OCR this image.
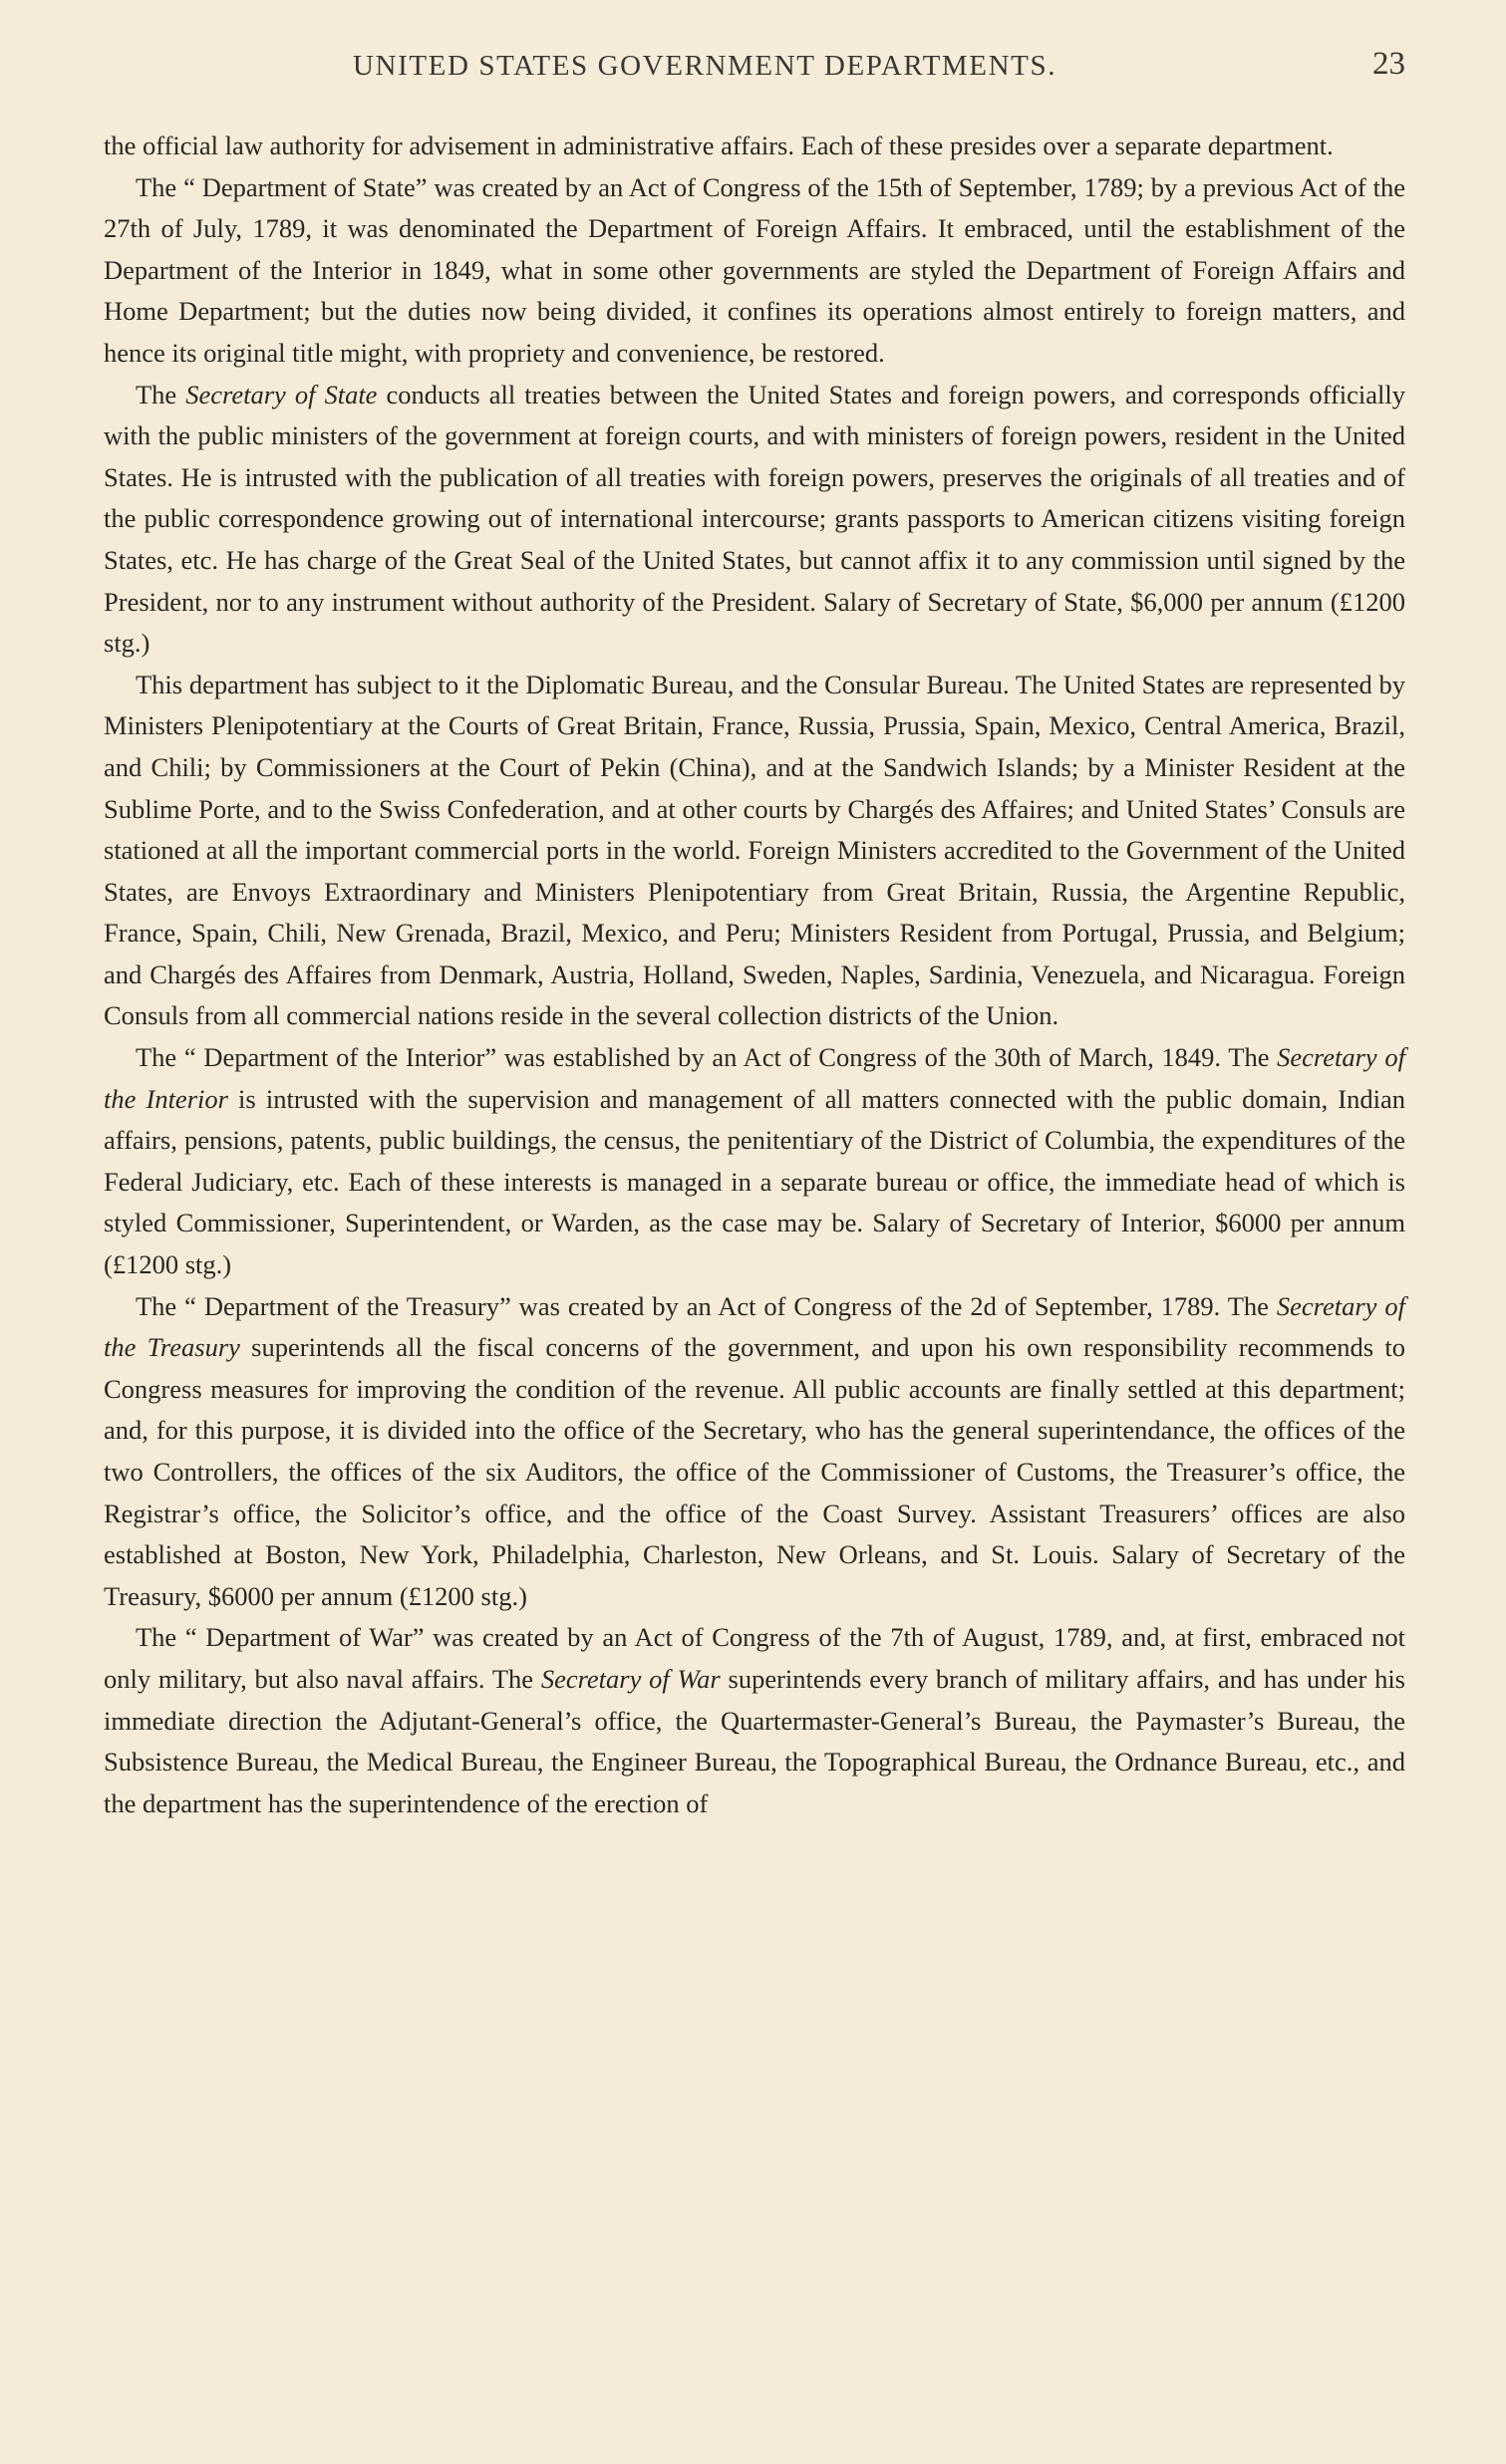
UNITED STATES GOVERNMENT DEPARTMENTS.	23

the official law authority for advisement in administrative affairs. Each of these presides over a separate department.

The “ Department of State” was created by an Act of Congress of the 15th of September, 1789; by a previous Act of the 27th of July, 1789, it was denominated the Department of Foreign Affairs. It embraced, until the establishment of the Department of the Interior in 1849, what in some other governments are styled the Department of Foreign Affairs and Home Department; but the duties now being divided, it confines its operations almost entirely to foreign matters, and hence its original title might, with propriety and convenience, be restored.

The Secretary of State conducts all treaties between the United States and foreign powers, and corresponds officially with the public ministers of the government at foreign courts, and with ministers of foreign powers, resident in the United States. He is intrusted with the publication of all treaties with foreign powers, preserves the originals of all treaties and of the public correspondence growing out of international intercourse; grants passports to American citizens visiting foreign States, etc. He has charge of the Great Seal of the United States, but cannot affix it to any commission until signed by the President, nor to any instrument without authority of the President. Salary of Secretary of State, $6,000 per annum (£1200 stg.)

This department has subject to it the Diplomatic Bureau, and the Consular Bureau. The United States are represented by Ministers Plenipotentiary at the Courts of Great Britain, France, Russia, Prussia, Spain, Mexico, Central America, Brazil, and Chili; by Commissioners at the Court of Pekin (China), and at the Sandwich Islands; by a Minister Resident at the Sublime Porte, and to the Swiss Confederation, and at other courts by Chargés des Affaires; and United States’ Consuls are stationed at all the important commercial ports in the world. Foreign Ministers accredited to the Government of the United States, are Envoys Extraordinary and Ministers Plenipotentiary from Great Britain, Russia, the Argentine Republic, France, Spain, Chili, New Grenada, Brazil, Mexico, and Peru; Ministers Resident from Portugal, Prussia, and Belgium; and Chargés des Affaires from Denmark, Austria, Holland, Sweden, Naples, Sardinia, Venezuela, and Nicaragua. Foreign Consuls from all commercial nations reside in the several collection districts of the Union.

The “ Department of the Interior” was established by an Act of Congress of the 30th of March, 1849. The Secretary of the Interior is intrusted with the supervision and management of all matters connected with the public domain, Indian affairs, pensions, patents, public buildings, the census, the penitentiary of the District of Columbia, the expenditures of the Federal Judiciary, etc. Each of these interests is managed in a separate bureau or office, the immediate head of which is styled Commissioner, Superintendent, or Warden, as the case may be. Salary of Secretary of Interior, $6000 per annum (£1200 stg.)

The “ Department of the Treasury” was created by an Act of Congress of the 2d of September, 1789. The Secretary of the Treasury superintends all the fiscal concerns of the government, and upon his own responsibility recommends to Congress measures for improving the condition of the revenue. All public accounts are finally settled at this department; and, for this purpose, it is divided into the office of the Secretary, who has the general superintendance, the offices of the two Controllers, the offices of the six Auditors, the office of the Commissioner of Customs, the Treasurer’s office, the Registrar’s office, the Solicitor’s office, and the office of the Coast Survey. Assistant Treasurers’ offices are also established at Boston, New York, Philadelphia, Charleston, New Orleans, and St. Louis. Salary of Secretary of the Treasury, $6000 per annum (£1200 stg.)

The “ Department of War” was created by an Act of Congress of the 7th of August, 1789, and, at first, embraced not only military, but also naval affairs. The Secretary of War superintends every branch of military affairs, and has under his immediate direction the Adjutant-General’s office, the Quartermaster-General’s Bureau, the Paymaster’s Bureau, the Subsistence Bureau, the Medical Bureau, the Engineer Bureau, the Topographical Bureau, the Ordnance Bureau, etc., and the department has the superintendence of the erection of
